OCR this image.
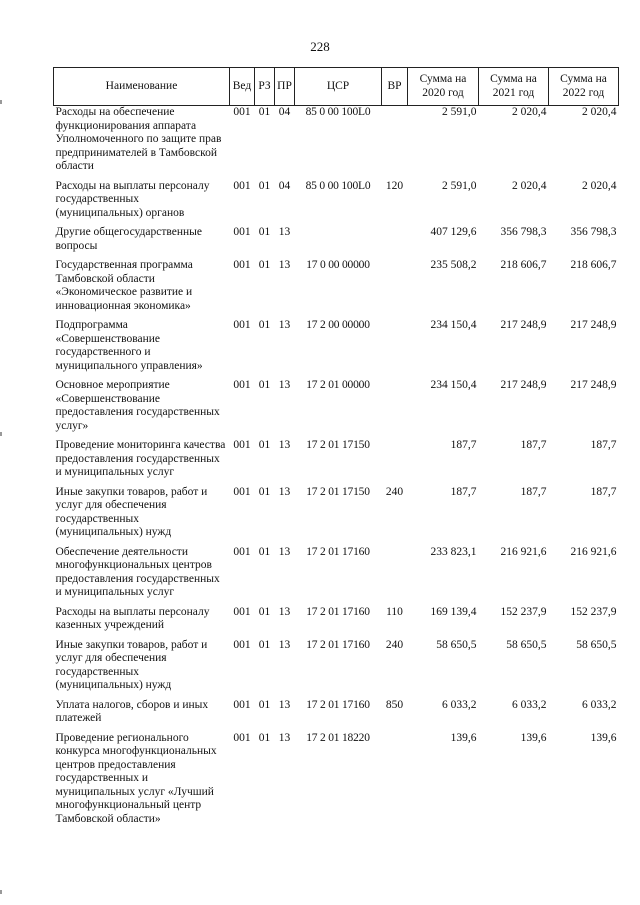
228
Наименование	Вед	РЗ	ПР	ЦСР	ВР	Сумма на 2020 год	Сумма на 2021 год	Сумма на 2022 год
Расходы на обеспечение функционирования аппарата Уполномоченного по защите прав предпринимателей в Тамбовской области	001	01	04	85 0 00 100L0		2 591,0	2 020,4	2 020,4
Расходы на выплаты персоналу государственных (муниципальных) органов	001	01	04	85 0 00 100L0	120	2 591,0	2 020,4	2 020,4
Другие общегосударственные вопросы	001	01	13			407 129,6	356 798,3	356 798,3
Государственная программа Тамбовской области «Экономическое развитие и инновационная экономика»	001	01	13	17 0 00 00000		235 508,2	218 606,7	218 606,7
Подпрограмма «Совершенствование государственного и муниципального управления»	001	01	13	17 2 00 00000		234 150,4	217 248,9	217 248,9
Основное мероприятие «Совершенствование предоставления государственных услуг»	001	01	13	17 2 01 00000		234 150,4	217 248,9	217 248,9
Проведение мониторинга качества предоставления государственных и муниципальных услуг	001	01	13	17 2 01 17150		187,7	187,7	187,7
Иные закупки товаров, работ и услуг для обеспечения государственных (муниципальных) нужд	001	01	13	17 2 01 17150	240	187,7	187,7	187,7
Обеспечение деятельности многофункциональных центров предоставления государственных и муниципальных услуг	001	01	13	17 2 01 17160		233 823,1	216 921,6	216 921,6
Расходы на выплаты персоналу казенных учреждений	001	01	13	17 2 01 17160	110	169 139,4	152 237,9	152 237,9
Иные закупки товаров, работ и услуг для обеспечения государственных (муниципальных) нужд	001	01	13	17 2 01 17160	240	58 650,5	58 650,5	58 650,5
Уплата налогов, сборов и иных платежей	001	01	13	17 2 01 17160	850	6 033,2	6 033,2	6 033,2
Проведение регионального конкурса многофункциональных центров предоставления государственных и муниципальных услуг «Лучший многофункциональный центр Тамбовской области»	001	01	13	17 2 01 18220		139,6	139,6	139,6
